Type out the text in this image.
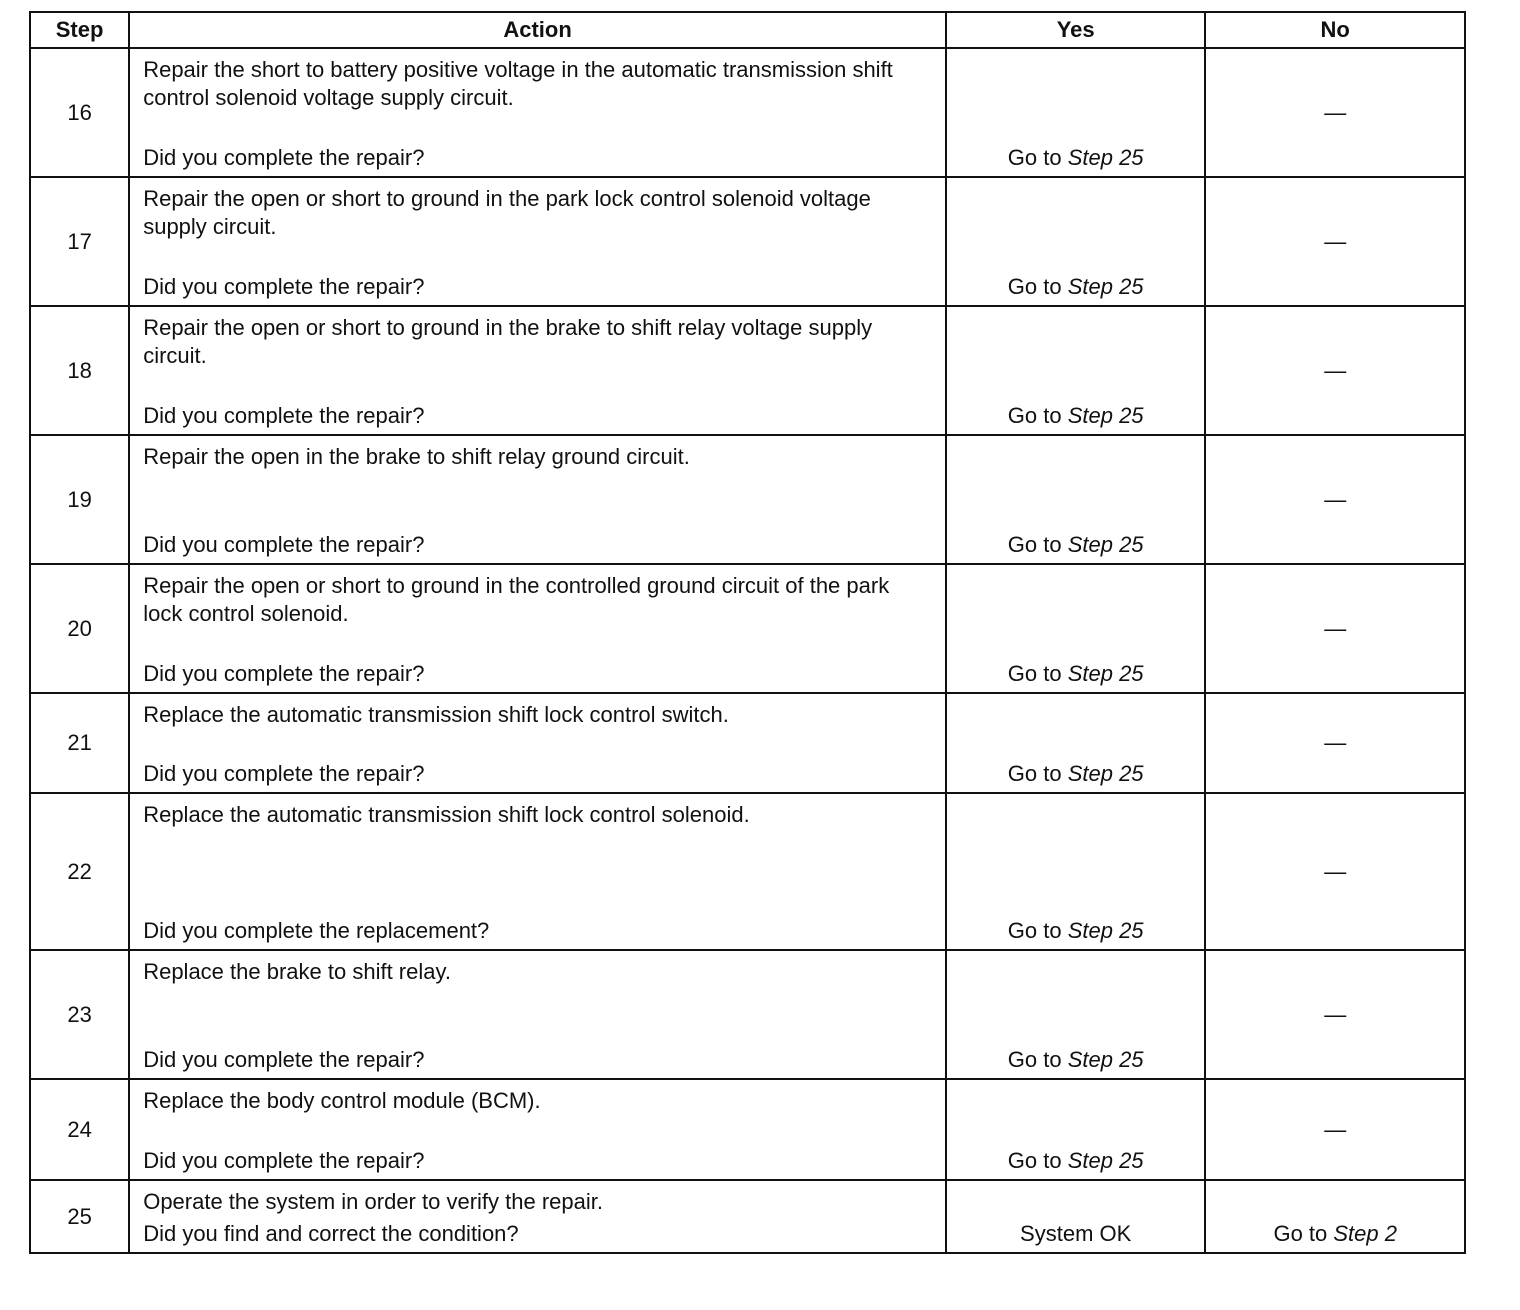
Step	Action	Yes	No
16	Repair the short to battery positive voltage in the automatic transmission shift control solenoid voltage supply circuit.
Did you complete the repair?	Go to Step 25	—

17	Repair the open or short to ground in the park lock control solenoid voltage supply circuit.
Did you complete the repair?	Go to Step 25	—

18	Repair the open or short to ground in the brake to shift relay voltage supply circuit.
Did you complete the repair?	Go to Step 25	—

19	Repair the open in the brake to shift relay ground circuit.
Did you complete the repair?	Go to Step 25	—

20	Repair the open or short to ground in the controlled ground circuit of the park lock control solenoid.
Did you complete the repair?	Go to Step 25	—

21	Replace the automatic transmission shift lock control switch.
Did you complete the repair?	Go to Step 25	—

22	Replace the automatic transmission shift lock control solenoid.
Did you complete the replacement?	Go to Step 25	—

23	Replace the brake to shift relay.
Did you complete the repair?	Go to Step 25	—

24	Replace the body control module (BCM).
Did you complete the repair?	Go to Step 25	—

25	Operate the system in order to verify the repair.
Did you find and correct the condition?	System OK	Go to Step 2
